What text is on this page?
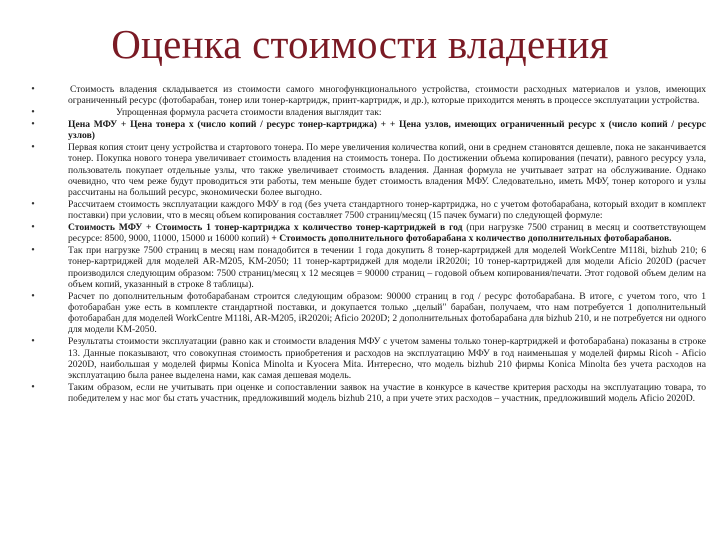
Оценка стоимости владения
•	Стоимость владения складывается из стоимости самого многофункционального устройства, стоимости расходных материалов и узлов, имеющих ограниченный ресурс (фотобарабан, тонер или тонер-картридж, принт-картридж, и др.), которые приходится менять в процессе эксплуатации устройства.
•	Упрощенная формула расчета стоимости владения выглядит так:
•	Цена МФУ + Цена тонера x (число копий / ресурс тонер-картриджа) + + Цена узлов, имеющих ограниченный ресурс x (число копий / ресурс узлов)
•	Первая копия стоит цену устройства и стартового тонера. По мере увеличения количества копий, они в среднем становятся дешевле, пока не заканчивается тонер. Покупка нового тонера увеличивает стоимость владения на стоимость тонера. По достижении объема копирования (печати), равного ресурсу узла, пользователь покупает отдельные узлы, что также увеличивает стоимость владения. Данная формула не учитывает затрат на обслуживание. Однако очевидно, что чем реже будут проводиться эти работы, тем меньше будет стоимость владения МФУ. Следовательно, иметь МФУ, тонер которого и узлы рассчитаны на больший ресурс, экономически более выгодно.
•	Рассчитаем стоимость эксплуатации каждого МФУ в год (без учета стандартного тонер-картриджа, но с учетом фотобарабана, который входит в комплект поставки) при условии, что в месяц объем копирования составляет 7500 страниц/месяц (15 пачек бумаги) по следующей формуле:
•	Стоимость МФУ + Стоимость 1 тонер-картриджа x количество тонер-картриджей в год (при нагрузке 7500 страниц в месяц и соответствующем ресурсе: 8500, 9000, 11000, 15000 и 16000 копий) + Стоимость дополнительного фотобарабана x количество дополнительных фотобарабанов.
•	Так при нагрузке 7500 страниц в месяц нам понадобится в течении 1 года докупить 8 тонер-картриджей для моделей WorkCentre M118i, bizhub 210; 6 тонер-картриджей для моделей AR-M205, KM-2050; 11 тонер-картриджей для модели iR2020i; 10 тонер-картриджей для модели Aficio 2020D (расчет производился следующим образом: 7500 страниц/месяц x 12 месяцев = 90000 страниц – годовой объем копирования/печати. Этот годовой объем делим на объем копий, указанный в строке 8 таблицы).
•	Расчет по дополнительным фотобарабанам строится следующим образом: 90000 страниц в год / ресурс фотобарабана. В итоге, с учетом того, что 1 фотобарабан уже есть в комплекте стандартной поставки, и докупается только „целый" барабан, получаем, что нам потребуется 1 дополнительный фотобарабан для моделей WorkCentre M118i, AR-M205, iR2020i; Aficio 2020D; 2 дополнительных фотобарабана для bizhub 210, и не потребуется ни одного для модели KM-2050.
•	Результаты стоимости эксплуатации (равно как и стоимости владения МФУ с учетом замены только тонер-картриджей и фотобарабана) показаны в строке 13. Данные показывают, что совокупная стоимость приобретения и расходов на эксплуатацию МФУ в год наименьшая у моделей фирмы Ricoh - Aficio 2020D, наибольшая у моделей фирмы Konica Minolta и Kyocera Mita. Интересно, что модель bizhub 210 фирмы Konica Minolta без учета расходов на эксплуатацию была ранее выделена нами, как самая дешевая модель.
•	Таким образом, если не учитывать при оценке и сопоставлении заявок на участие в конкурсе в качестве критерия расходы на эксплуатацию товара, то победителем у нас мог бы стать участник, предложивший модель bizhub 210, а при учете этих расходов – участник, предложивший модель Aficio 2020D.
